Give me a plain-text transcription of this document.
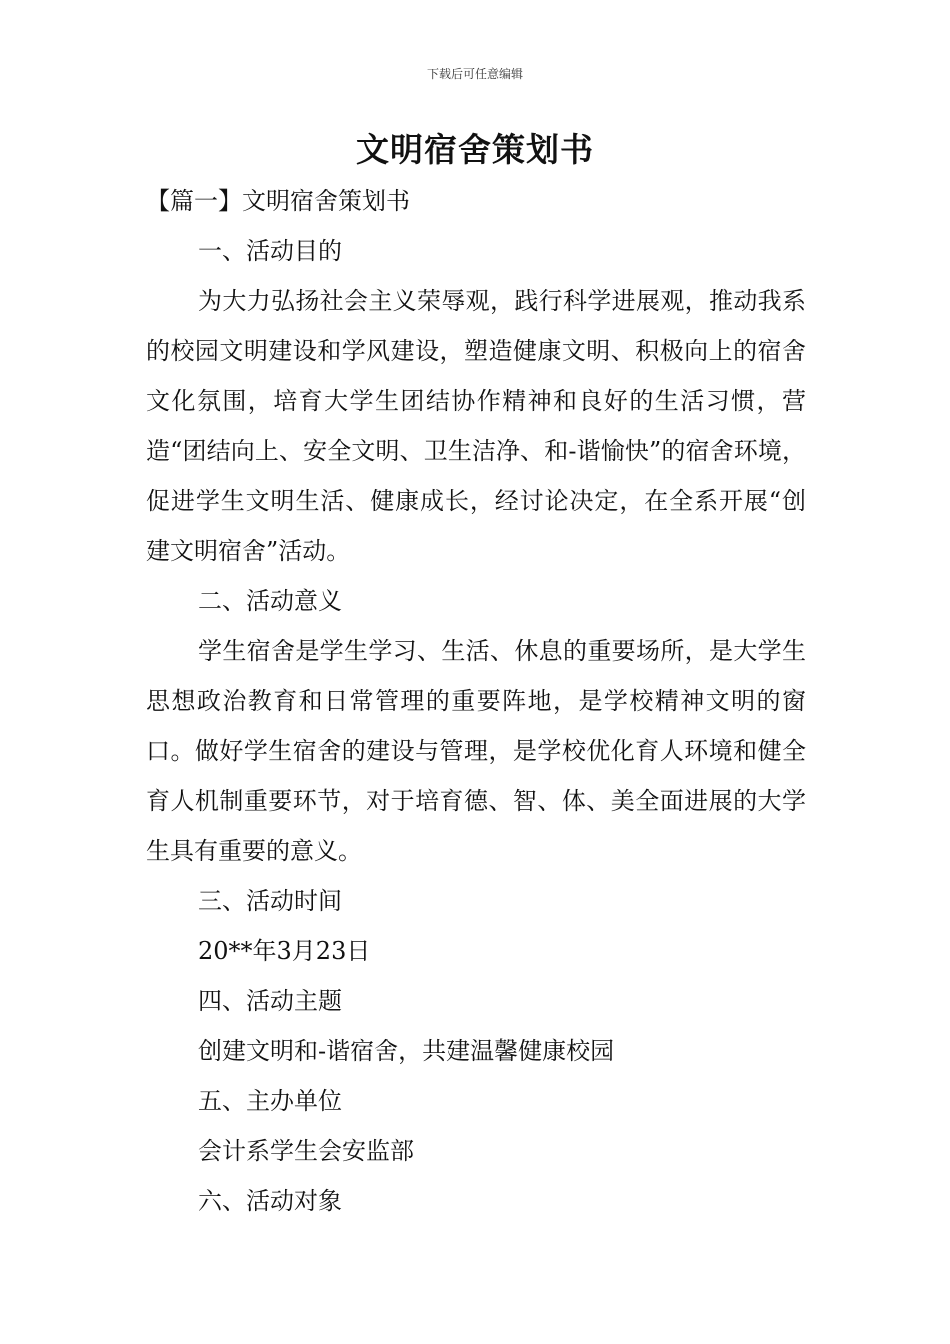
下载后可任意编辑
文明宿舍策划书

【篇一】文明宿舍策划书

一、活动目的

为大力弘扬社会主义荣辱观，践行科学进展观，推动我系的校园文明建设和学风建设，塑造健康文明、积极向上的宿舍文化氛围，培育大学生团结协作精神和良好的生活习惯，营造“团结向上、安全文明、卫生洁净、和-谐愉快”的宿舍环境，促进学生文明生活、健康成长，经讨论决定，在全系开展“创建文明宿舍”活动。

二、活动意义

学生宿舍是学生学习、生活、休息的重要场所，是大学生思想政治教育和日常管理的重要阵地，是学校精神文明的窗口。做好学生宿舍的建设与管理，是学校优化育人环境和健全育人机制重要环节，对于培育德、智、体、美全面进展的大学生具有重要的意义。

三、活动时间

20**年3月23日

四、活动主题

创建文明和-谐宿舍，共建温馨健康校园

五、主办单位

会计系学生会安监部

六、活动对象
